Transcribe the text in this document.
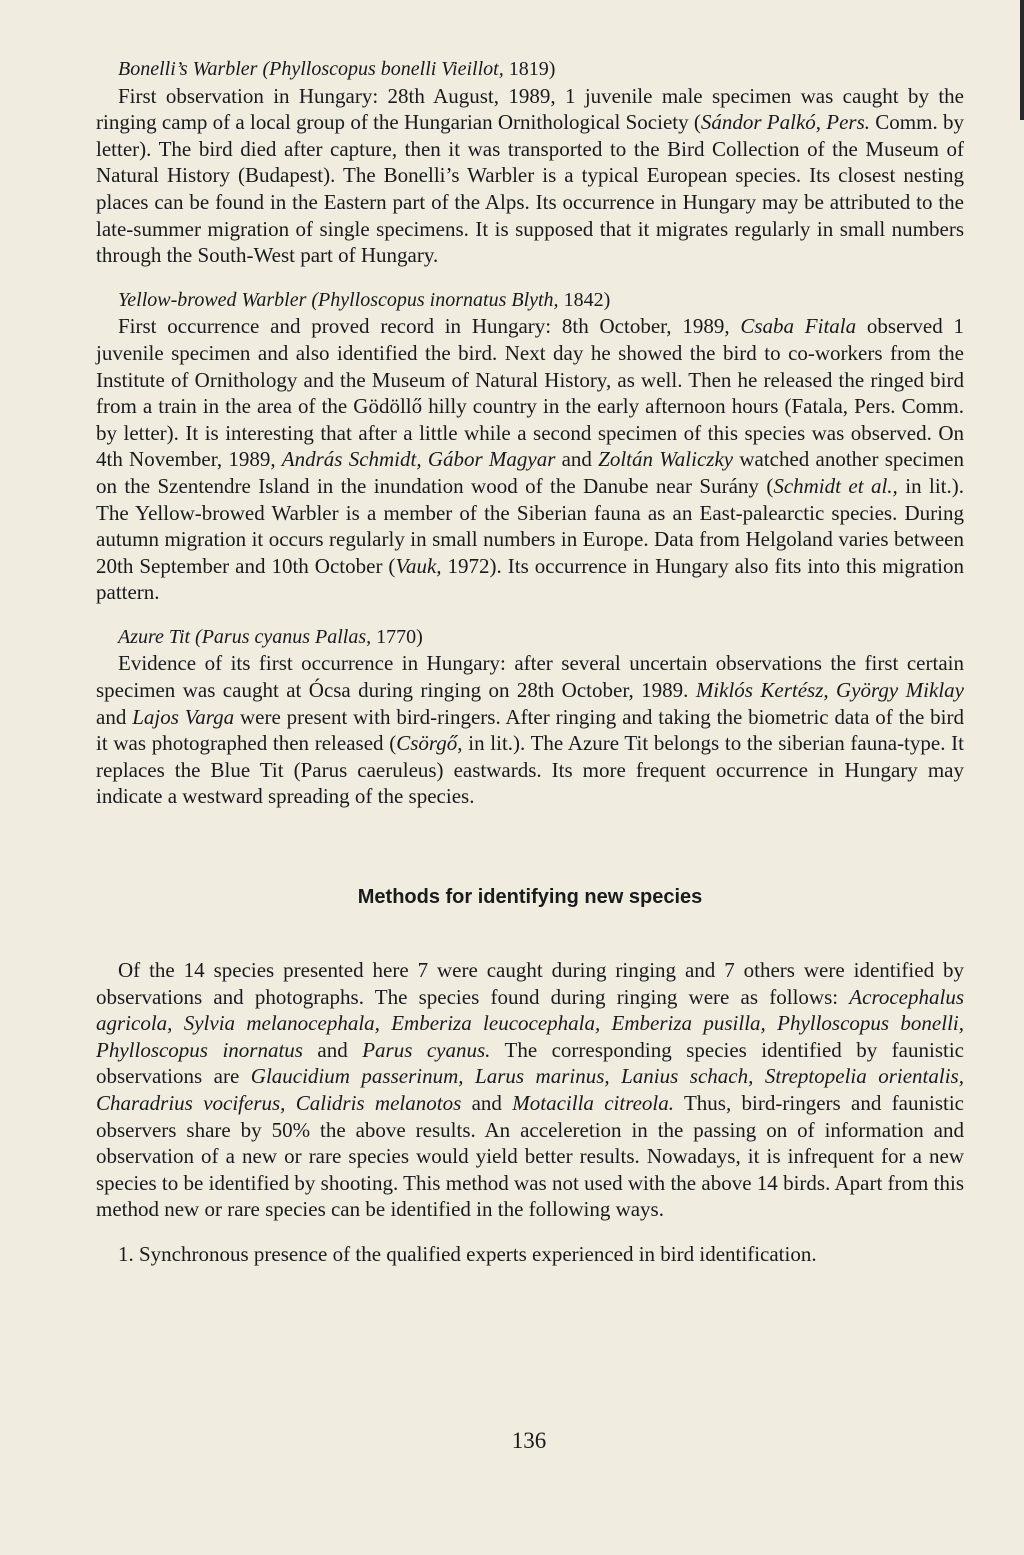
Bonelli’s Warbler (Phylloscopus bonelli Vieillot, 1819)

First observation in Hungary: 28th August, 1989, 1 juvenile male specimen was caught by the ringing camp of a local group of the Hungarian Ornithological Society (Sándor Palkó, Pers. Comm. by letter). The bird died after capture, then it was transported to the Bird Collection of the Museum of Natural History (Budapest). The Bonelli’s Warbler is a typical European species. Its closest nesting places can be found in the Eastern part of the Alps. Its occurrence in Hungary may be attributed to the late-summer migration of single specimens. It is supposed that it migrates regularly in small numbers through the South-West part of Hungary.

Yellow-browed Warbler (Phylloscopus inornatus Blyth, 1842)

First occurrence and proved record in Hungary: 8th October, 1989, Csaba Fitala observed 1 juvenile specimen and also identified the bird. Next day he showed the bird to co-workers from the Institute of Ornithology and the Museum of Natural History, as well. Then he released the ringed bird from a train in the area of the Gödöllő hilly country in the early afternoon hours (Fatala, Pers. Comm. by letter). It is interesting that after a little while a second specimen of this species was observed. On 4th November, 1989, András Schmidt, Gábor Magyar and Zoltán Waliczky watched another specimen on the Szentendre Island in the inundation wood of the Danube near Surány (Schmidt et al., in lit.). The Yellow-browed Warbler is a member of the Siberian fauna as an East-palearctic species. During autumn migration it occurs regularly in small numbers in Europe. Data from Helgoland varies between 20th September and 10th October (Vauk, 1972). Its occurrence in Hungary also fits into this migration pattern.

Azure Tit (Parus cyanus Pallas, 1770)

Evidence of its first occurrence in Hungary: after several uncertain observations the first certain specimen was caught at Ócsa during ringing on 28th October, 1989. Miklós Kertész, György Miklay and Lajos Varga were present with bird-ringers. After ringing and taking the biometric data of the bird it was photographed then released (Csörgő, in lit.). The Azure Tit belongs to the siberian fauna-type. It replaces the Blue Tit (Parus caeruleus) eastwards. Its more frequent occurrence in Hungary may indicate a westward spreading of the species.

Methods for identifying new species

Of the 14 species presented here 7 were caught during ringing and 7 others were identified by observations and photographs. The species found during ringing were as follows: Acrocephalus agricola, Sylvia melanocephala, Emberiza leucocephala, Emberiza pusilla, Phylloscopus bonelli, Phylloscopus inornatus and Parus cyanus. The corresponding species identified by faunistic observations are Glaucidium passerinum, Larus marinus, Lanius schach, Streptopelia orientalis, Charadrius vociferus, Calidris melanotos and Motacilla citreola. Thus, bird-ringers and faunistic observers share by 50% the above results. An acceleretion in the passing on of information and observation of a new or rare species would yield better results. Nowadays, it is infrequent for a new species to be identified by shooting. This method was not used with the above 14 birds. Apart from this method new or rare species can be identified in the following ways.

1. Synchronous presence of the qualified experts experienced in bird identification.

136
